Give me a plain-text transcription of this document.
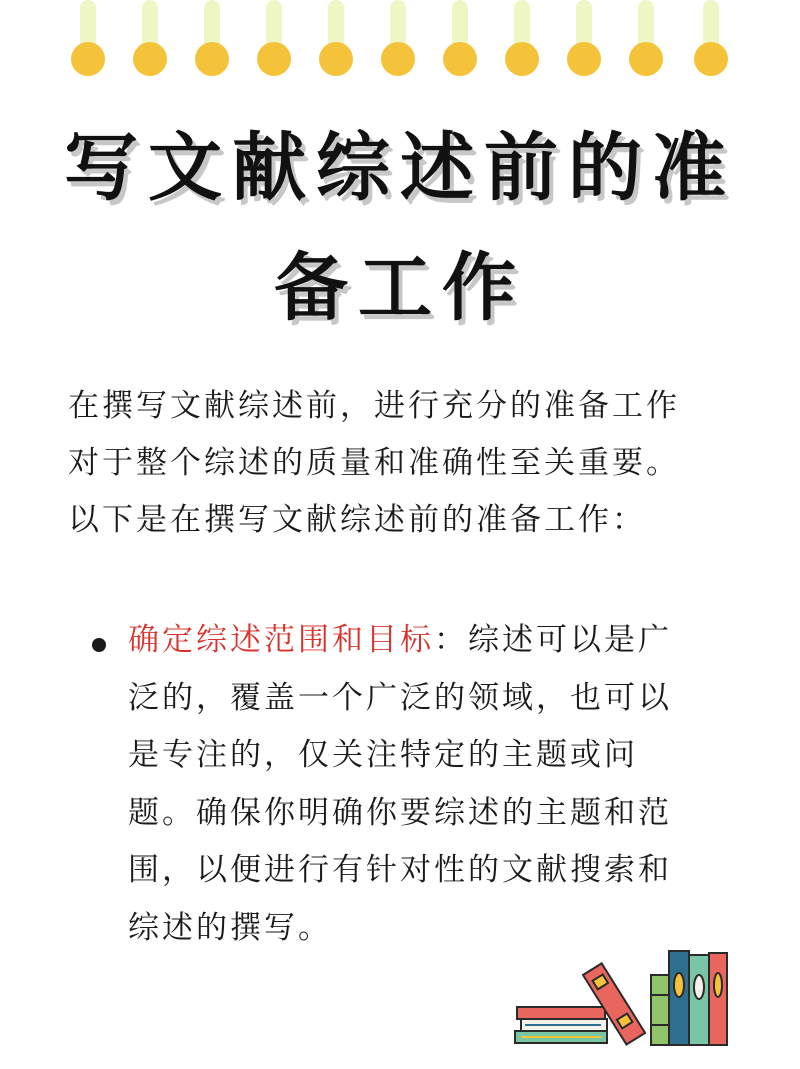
写文献综述前的准
备工作
在撰写文献综述前，进行充分的准备工作
对于整个综述的质量和准确性至关重要。
以下是在撰写文献综述前的准备工作：
确定综述范围和目标：综述可以是广
泛的，覆盖一个广泛的领域，也可以
是专注的，仅关注特定的主题或问
题。确保你明确你要综述的主题和范
围，以便进行有针对性的文献搜索和
综述的撰写。
